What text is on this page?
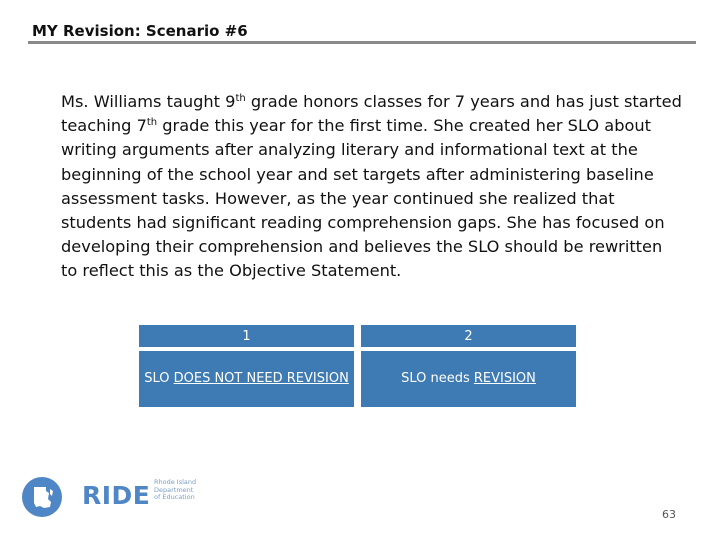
MY Revision: Scenario #6
Ms. Williams taught 9th grade honors classes for 7 years and has just started teaching 7th grade this year for the first time. She created her SLO about writing arguments after analyzing literary and informational text at the beginning of the school year and set targets after administering baseline assessment tasks. However, as the year continued she realized that students had significant reading comprehension gaps. She has focused on developing their comprehension and believes the SLO should be rewritten to reflect this as the Objective Statement.
1
SLO DOES NOT NEED REVISION
2
SLO needs REVISION
RIDE Rhode Island
Department
of Education
63
